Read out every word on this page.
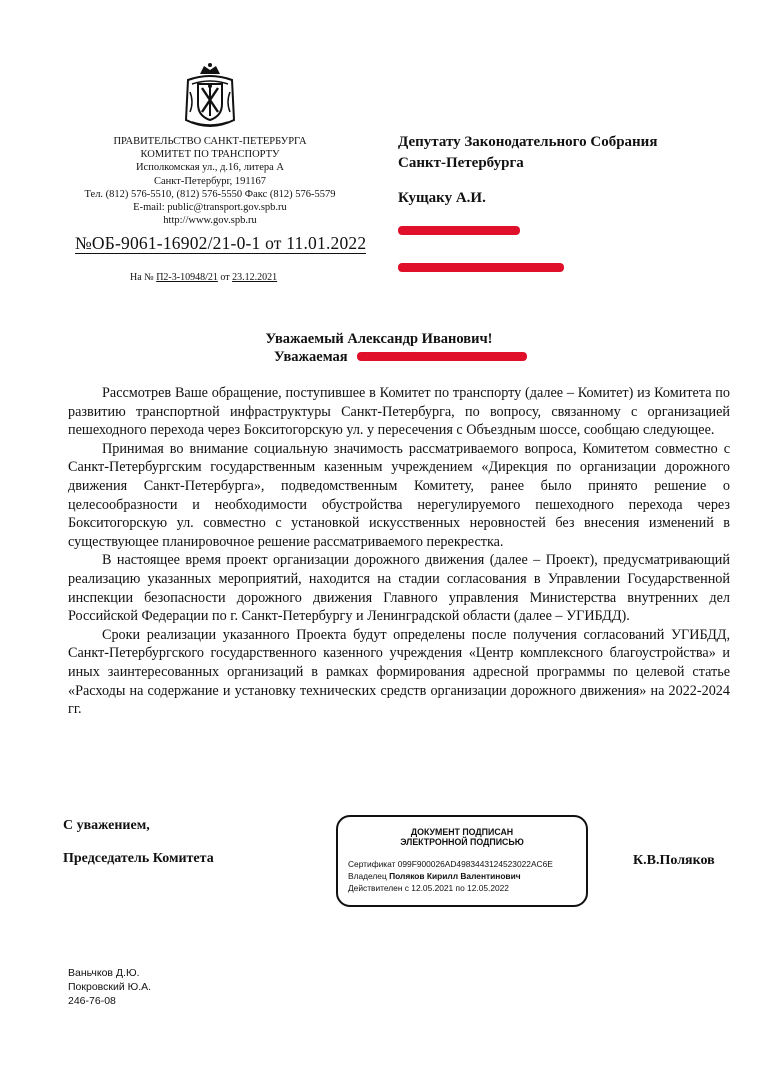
ПРАВИТЕЛЬСТВО САНКТ-ПЕТЕРБУРГА
КОМИТЕТ ПО ТРАНСПОРТУ
Исполкомская ул., д.16, литера А
Санкт-Петербург, 191167
Тел. (812) 576-5510, (812) 576-5550 Факс (812) 576-5579
E-mail: public@transport.gov.spb.ru
http://www.gov.spb.ru
№ОБ-9061-16902/21-0-1 от 11.01.2022
На № П2-3-10948/21 от 23.12.2021
Депутату Законодательного Собрания
Санкт-Петербурга
Кущаку А.И.
Уважаемый Александр Иванович!
Уважаемая

Рассмотрев Ваше обращение, поступившее в Комитет по транспорту (далее – Комитет) из Комитета по развитию транспортной инфраструктуры Санкт-Петербурга, по вопросу, связанному с организацией пешеходного перехода через Бокситогорскую ул. у пересечения с Объездным шоссе, сообщаю следующее.

Принимая во внимание социальную значимость рассматриваемого вопроса, Комитетом совместно с Санкт-Петербургским государственным казенным учреждением «Дирекция по организации дорожного движения Санкт-Петербурга», подведомственным Комитету, ранее было принято решение о целесообразности и необходимости обустройства нерегулируемого пешеходного перехода через Бокситогорскую ул. совместно с установкой искусственных неровностей без внесения изменений в существующее планировочное решение рассматриваемого перекрестка.

В настоящее время проект организации дорожного движения (далее – Проект), предусматривающий реализацию указанных мероприятий, находится на стадии согласования в Управлении Государственной инспекции безопасности дорожного движения Главного управления Министерства внутренних дел Российской Федерации по г. Санкт-Петербургу и Ленинградской области (далее – УГИБДД).

Сроки реализации указанного Проекта будут определены после получения согласований УГИБДД, Санкт-Петербургского государственного казенного учреждения «Центр комплексного благоустройства» и иных заинтересованных организаций в рамках формирования адресной программы по целевой статье «Расходы на содержание и установку технических средств организации дорожного движения» на 2022-2024 гг.

С уважением,
Председатель Комитета	К.В.Поляков
ДОКУМЕНТ ПОДПИСАН
ЭЛЕКТРОННОЙ ПОДПИСЬЮ
Сертификат 099F900026AD4983443124523022AC6E
Владелец Поляков Кирилл Валентинович
Действителен с 12.05.2021 по 12.05.2022
Ваньчков Д.Ю.
Покровский Ю.А.
246-76-08
